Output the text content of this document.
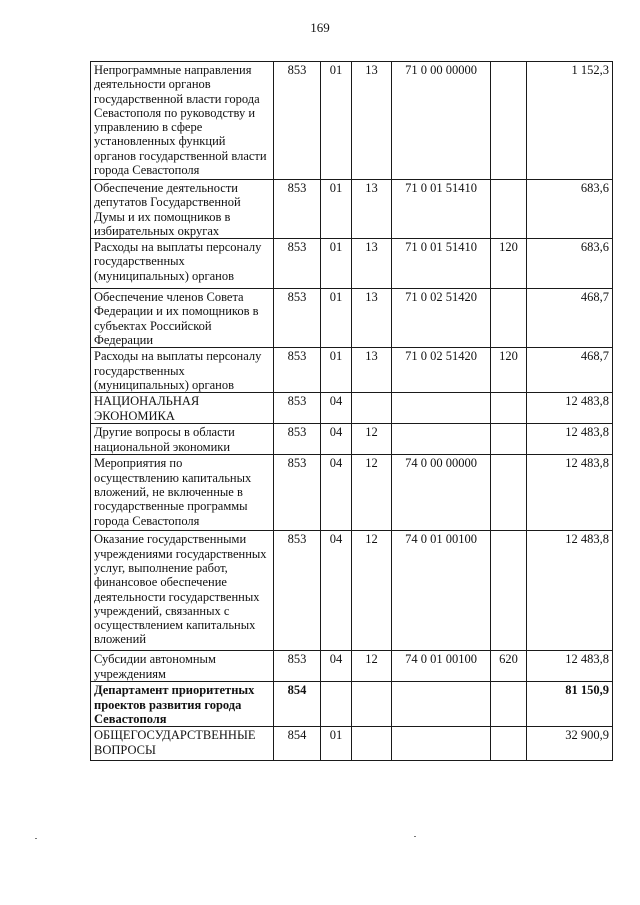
169
Непрограммные направления деятельности органов государственной власти города Севастополя по руководству и управлению в сфере установленных функций органов государственной власти города Севастополя	853	01	13	71 0 00 00000		1 152,3
Обеспечение деятельности депутатов Государственной Думы и их помощников в избирательных округах	853	01	13	71 0 01 51410		683,6
Расходы на выплаты персоналу государственных (муниципальных) органов	853	01	13	71 0 01 51410	120	683,6
Обеспечение членов Совета Федерации и их помощников в субъектах Российской Федерации	853	01	13	71 0 02 51420		468,7
Расходы на выплаты персоналу государственных (муниципальных) органов	853	01	13	71 0 02 51420	120	468,7
НАЦИОНАЛЬНАЯ ЭКОНОМИКА	853	04				12 483,8
Другие вопросы в области национальной экономики	853	04	12			12 483,8
Мероприятия по осуществлению капитальных вложений, не включенные в государственные программы города Севастополя	853	04	12	74 0 00 00000		12 483,8
Оказание государственными учреждениями государственных услуг, выполнение работ, финансовое обеспечение деятельности государственных учреждений, связанных с осуществлением капитальных вложений	853	04	12	74 0 01 00100		12 483,8
Субсидии автономным учреждениям	853	04	12	74 0 01 00100	620	12 483,8
Департамент приоритетных проектов развития города Севастополя	854					81 150,9
ОБЩЕГОСУДАРСТВЕННЫЕ ВОПРОСЫ	854	01				32 900,9
